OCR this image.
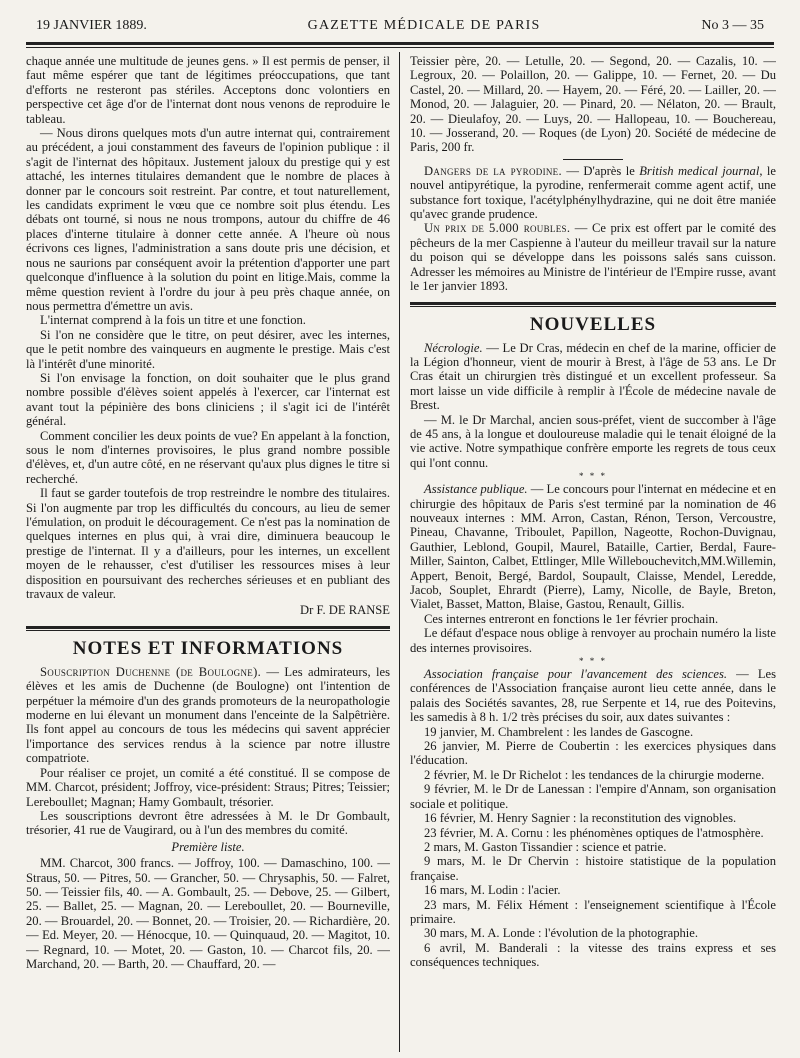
19 JANVIER 1889.	GAZETTE MÉDICALE DE PARIS	No 3 — 35

chaque année une multitude de jeunes gens. » Il est permis de penser, il faut même espérer que tant de légitimes préoccupations, que tant d'efforts ne resteront pas stériles. Acceptons donc volontiers en perspective cet âge d'or de l'internat dont nous venons de reproduire le tableau.

— Nous dirons quelques mots d'un autre internat qui, contrairement au précédent, a joui constamment des faveurs de l'opinion publique : il s'agit de l'internat des hôpitaux. Justement jaloux du prestige qui y est attaché, les internes titulaires demandent que le nombre de places à donner par le concours soit restreint. Par contre, et tout naturellement, les candidats expriment le vœu que ce nombre soit plus étendu. Les débats ont tourné, si nous ne nous trompons, autour du chiffre de 46 places d'interne titulaire à donner cette année. A l'heure où nous écrivons ces lignes, l'administration a sans doute pris une décision, et nous ne saurions par conséquent avoir la prétention d'apporter une part quelconque d'influence à la solution du point en litige.Mais, comme la même question revient à l'ordre du jour à peu près chaque année, on nous permettra d'émettre un avis.

L'internat comprend à la fois un titre et une fonction.

Si l'on ne considère que le titre, on peut désirer, avec les internes, que le petit nombre des vainqueurs en augmente le prestige. Mais c'est là l'intérêt d'une minorité.

Si l'on envisage la fonction, on doit souhaiter que le plus grand nombre possible d'élèves soient appelés à l'exercer, car l'internat est avant tout la pépinière des bons cliniciens ; il s'agit ici de l'intérêt général.

Comment concilier les deux points de vue? En appelant à la fonction, sous le nom d'internes provisoires, le plus grand nombre possible d'élèves, et, d'un autre côté, en ne réservant qu'aux plus dignes le titre si recherché.

Il faut se garder toutefois de trop restreindre le nombre des titulaires. Si l'on augmente par trop les difficultés du concours, au lieu de semer l'émulation, on produit le découragement. Ce n'est pas la nomination de quelques internes en plus qui, à vrai dire, diminuera beaucoup le prestige de l'internat. Il y a d'ailleurs, pour les internes, un excellent moyen de le rehausser, c'est d'utiliser les ressources mises à leur disposition en poursuivant des recherches sérieuses et en publiant des travaux de valeur.

Dr F. DE RANSE
NOTES ET INFORMATIONS

Souscription Duchenne (de Boulogne). — Les admirateurs, les élèves et les amis de Duchenne (de Boulogne) ont l'intention de perpétuer la mémoire d'un des grands promoteurs de la neuropathologie moderne en lui élevant un monument dans l'enceinte de la Salpêtrière. Ils font appel au concours de tous les médecins qui savent apprécier l'importance des services rendus à la science par notre illustre compatriote.

Pour réaliser ce projet, un comité a été constitué. Il se compose de MM. Charcot, président; Joffroy, vice-président: Straus; Pitres; Teissier; Lereboullet; Magnan; Hamy Gombault, trésorier.

Les souscriptions devront être adressées à M. le Dr Gombault, trésorier, 41 rue de Vaugirard, ou à l'un des membres du comité.

Première liste.

MM. Charcot, 300 francs. — Joffroy, 100. — Damaschino, 100. — Straus, 50. — Pitres, 50. — Grancher, 50. — Chrysaphis, 50. — Falret, 50. — Teissier fils, 40. — A. Gombault, 25. — Debove, 25. — Gilbert, 25. — Ballet, 25. — Magnan, 20. — Lereboullet, 20. — Bourneville, 20. — Brouardel, 20. — Bonnet, 20. — Troisier, 20. — Richardière, 20. — Ed. Meyer, 20. — Hénocque, 10. — Quinquaud, 20. — Magitot, 10. — Regnard, 10. — Motet, 20. — Gaston, 10. — Charcot fils, 20. — Marchand, 20. — Barth, 20. — Chauffard, 20. —

Teissier père, 20. — Letulle, 20. — Segond, 20. — Cazalis, 10. — Legroux, 20. — Polaillon, 20. — Galippe, 10. — Fernet, 20. — Du Castel, 20. — Millard, 20. — Hayem, 20. — Féré, 20. — Lailler, 20. — Monod, 20. — Jalaguier, 20. — Pinard, 20. — Nélaton, 20. — Brault, 20. — Dieulafoy, 20. — Luys, 20. — Hallopeau, 10. — Bouchereau, 10. — Josserand, 20. — Roques (de Lyon) 20. Société de médecine de Paris, 200 fr.

Dangers de la pyrodine. — D'après le British medical journal, le nouvel antipyrétique, la pyrodine, renfermerait comme agent actif, une substance fort toxique, l'acétylphénylhydrazine, qui ne doit être maniée qu'avec grande prudence.

Un prix de 5.000 roubles. — Ce prix est offert par le comité des pêcheurs de la mer Caspienne à l'auteur du meilleur travail sur la nature du poison qui se développe dans les poissons salés sans cuisson. Adresser les mémoires au Ministre de l'intérieur de l'Empire russe, avant le 1er janvier 1893.

NOUVELLES

Nécrologie. — Le Dr Cras, médecin en chef de la marine, officier de la Légion d'honneur, vient de mourir à Brest, à l'âge de 53 ans. Le Dr Cras était un chirurgien très distingué et un excellent professeur. Sa mort laisse un vide difficile à remplir à l'École de médecine navale de Brest.

— M. le Dr Marchal, ancien sous-préfet, vient de succomber à l'âge de 45 ans, à la longue et douloureuse maladie qui le tenait éloigné de la vie active. Notre sympathique confrère emporte les regrets de tous ceux qui l'ont connu.

* * *

Assistance publique. — Le concours pour l'internat en médecine et en chirurgie des hôpitaux de Paris s'est terminé par la nomination de 46 nouveaux internes : MM. Arron, Castan, Rénon, Terson, Vercoustre, Pineau, Chavanne, Triboulet, Papillon, Nageotte, Rochon-Duvignau, Gauthier, Leblond, Goupil, Maurel, Bataille, Cartier, Berdal, Faure-Miller, Sainton, Calbet, Ettlinger, Mlle Willebouchevitch,MM.Willemin, Appert, Benoit, Bergé, Bardol, Soupault, Claisse, Mendel, Leredde, Jacob, Souplet, Ehrardt (Pierre), Lamy, Nicolle, de Bayle, Breton, Vialet, Basset, Matton, Blaise, Gastou, Renault, Gillis.

Ces internes entreront en fonctions le 1er février prochain.

Le défaut d'espace nous oblige à renvoyer au prochain numéro la liste des internes provisoires.

* * *

Association française pour l'avancement des sciences. — Les conférences de l'Association française auront lieu cette année, dans le palais des Sociétés savantes, 28, rue Serpente et 14, rue des Poitevins, les samedis à 8 h. 1/2 très précises du soir, aux dates suivantes :

19 janvier, M. Chambrelent : les landes de Gascogne.

26 janvier, M. Pierre de Coubertin : les exercices physiques dans l'éducation.

2 février, M. le Dr Richelot : les tendances de la chirurgie moderne.

9 février, M. le Dr de Lanessan : l'empire d'Annam, son organisation sociale et politique.

16 février, M. Henry Sagnier : la reconstitution des vignobles.

23 février, M. A. Cornu : les phénomènes optiques de l'atmosphère.

2 mars, M. Gaston Tissandier : science et patrie.

9 mars, M. le Dr Chervin : histoire statistique de la population française.

16 mars, M. Lodin : l'acier.

23 mars, M. Félix Hément : l'enseignement scientifique à l'École primaire.

30 mars, M. A. Londe : l'évolution de la photographie.

6 avril, M. Banderali : la vitesse des trains express et ses conséquences techniques.
